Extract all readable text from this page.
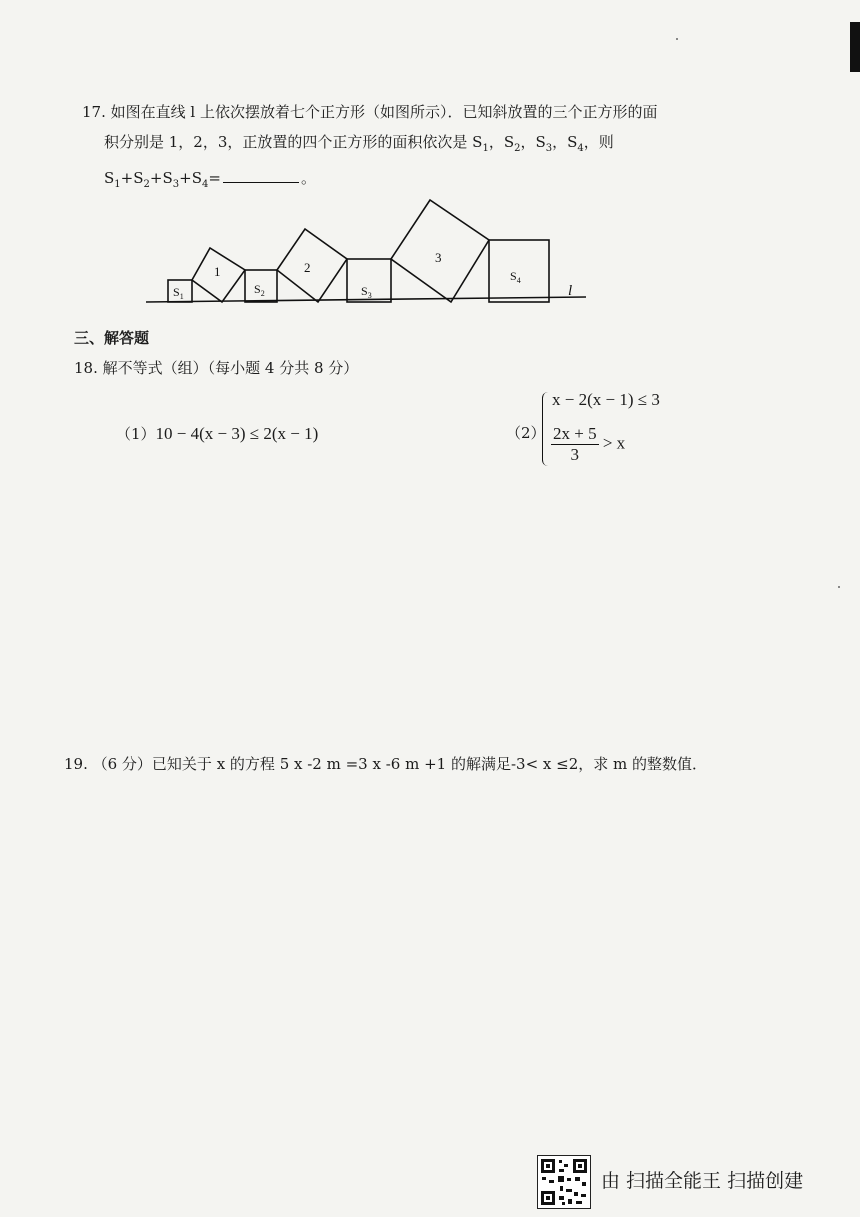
17. 如图在直线 l 上依次摆放着七个正方形（如图所示）．已知斜放置的三个正方形的面
积分别是 1，2，3，正放置的四个正方形的面积依次是 $S_1$，$S_2$，$S_3$，$S_4$，则
$S_1+S_2+S_3+S_4=$	。
1	2
3
$S_1$
$S_2$	$S_3$
$S_4$
l
三、解答题
18. 解不等式（组）（每小题 4 分共 8 分）
（1）10 − 4(x − 3) ≤ 2(x − 1)	（2）
x − 2(x − 1) ≤ 3
$\frac{2x + 5}{3} > x$
19. （6 分）已知关于 x 的方程 5 x -2 m =3 x -6 m +1 的解满足-3< x ≤2，求 m 的整数值．
由 扫描全能王 扫描创建
